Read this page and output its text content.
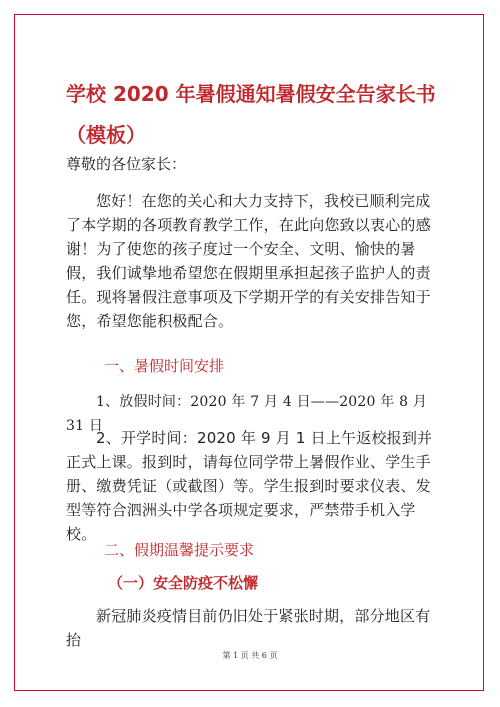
学校 2020 年暑假通知暑假安全告家长书（模板）

尊敬的各位家长：

您好！在您的关心和大力支持下，我校已顺利完成了本学期的各项教育教学工作，在此向您致以衷心的感谢！为了使您的孩子度过一个安全、文明、愉快的暑假，我们诚挚地希望您在假期里承担起孩子监护人的责任。现将暑假注意事项及下学期开学的有关安排告知于您，希望您能积极配合。

一、暑假时间安排

1、放假时间：2020 年 7 月 4 日——2020 年 8 月 31 日

2、开学时间：2020 年 9 月 1 日上午返校报到并正式上课。报到时，请每位同学带上暑假作业、学生手册、缴费凭证（或截图）等。学生报到时要求仪表、发型等符合泗洲头中学各项规定要求，严禁带手机入学校。

二、假期温馨提示要求

（一）安全防疫不松懈

新冠肺炎疫情目前仍旧处于紧张时期，部分地区有抬

第 1 页 共 6 页
